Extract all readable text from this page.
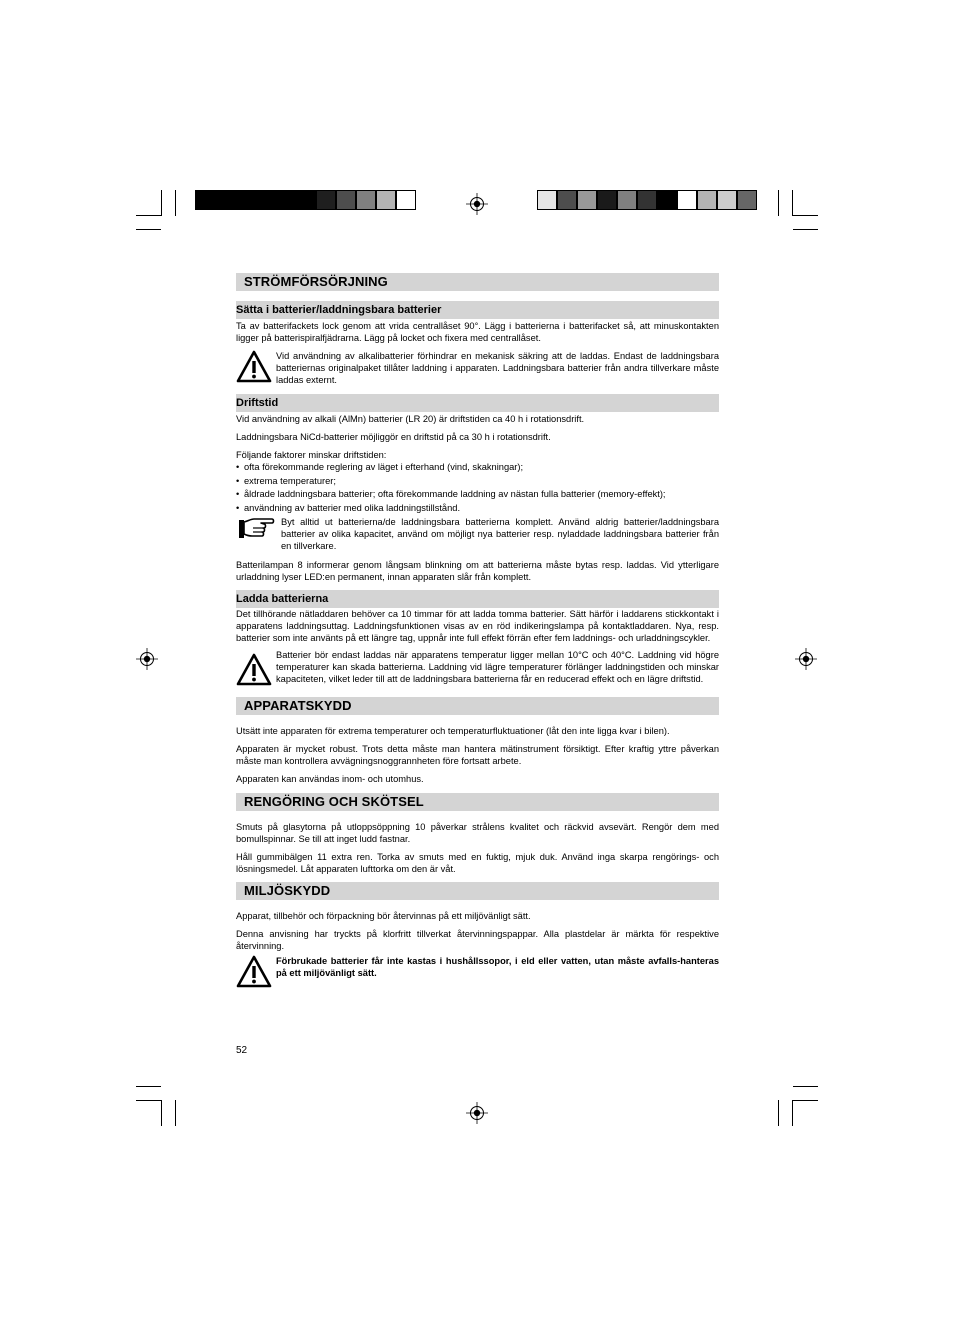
STRÖMFÖRSÖRJNING
Sätta i batterier/laddningsbara batterier

Ta av batterifackets lock genom att vrida centrallåset 90°. Lägg i batterierna i batterifacket så, att minuskontakten ligger på batterispiralfjädrarna. Lägg på locket och fixera med centrallåset.

Vid användning av alkalibatterier förhindrar en mekanisk säkring att de laddas. Endast de laddningsbara batteriernas originalpaket tillåter laddning i apparaten. Laddningsbara batterier från andra tillverkare måste laddas externt.

Driftstid

Vid användning av alkali (AlMn) batterier (LR 20) är driftstiden ca 40 h i rotationsdrift.

Laddningsbara NiCd-batterier möjliggör en driftstid på ca 30 h i rotationsdrift.

Följande faktorer minskar driftstiden:

• ofta förekommande reglering av läget i efterhand (vind, skakningar);
• extrema temperaturer;
• åldrade laddningsbara batterier; ofta förekommande laddning av nästan fulla batterier (memory-effekt);
• användning av batterier med olika laddningstillstånd.

Byt alltid ut batterierna/de laddningsbara batterierna komplett. Använd aldrig batterier/laddningsbara batterier av olika kapacitet, använd om möjligt nya batterier resp. nyladdade laddningsbara batterier från en tillverkare.

Batterilampan 8 informerar genom långsam blinkning om att batterierna måste bytas resp. laddas. Vid ytterligare urladdning lyser LED:en permanent, innan apparaten slår från komplett.

Ladda batterierna

Det tillhörande nätladdaren behöver ca 10 timmar för att ladda tomma batterier. Sätt härför i laddarens stickkontakt i apparatens laddningsuttag. Laddningsfunktionen visas av en röd indikeringslampa på kontaktladdaren. Nya, resp. batterier som inte använts på ett längre tag, uppnår inte full effekt förrän efter fem laddnings- och urladdningscykler.

Batterier bör endast laddas när apparatens temperatur ligger mellan 10°C och 40°C. Laddning vid högre temperaturer kan skada batterierna. Laddning vid lägre temperaturer förlänger laddningstiden och minskar kapaciteten, vilket leder till att de laddningsbara batterierna får en reducerad effekt och en lägre driftstid.

APPARATSKYDD

Utsätt inte apparaten för extrema temperaturer och temperaturfluktuationer (låt den inte ligga kvar i bilen).

Apparaten är mycket robust. Trots detta måste man hantera mätinstrument försiktigt. Efter kraftig yttre påverkan måste man kontrollera avvägningsnoggrannheten före fortsatt arbete.

Apparaten kan användas inom- och utomhus.

RENGÖRING OCH SKÖTSEL

Smuts på glasytorna på utloppsöppning 10 påverkar strålens kvalitet och räckvid avsevärt. Rengör dem med bomullspinnar. Se till att inget ludd fastnar.

Håll gummibälgen 11 extra ren. Torka av smuts med en fuktig, mjuk duk. Använd inga skarpa rengörings- och lösningsmedel. Låt apparaten lufttorka om den är våt.

MILJÖSKYDD

Apparat, tillbehör och förpackning bör återvinnas på ett miljövänligt sätt.

Denna anvisning har tryckts på klorfritt tillverkat återvinningspappar. Alla plastdelar är märkta för respektive återvinning.

Förbrukade batterier får inte kastas i hushållssopor, i eld eller vatten, utan måste avfalls-hanteras på ett miljövänligt sätt.

52
